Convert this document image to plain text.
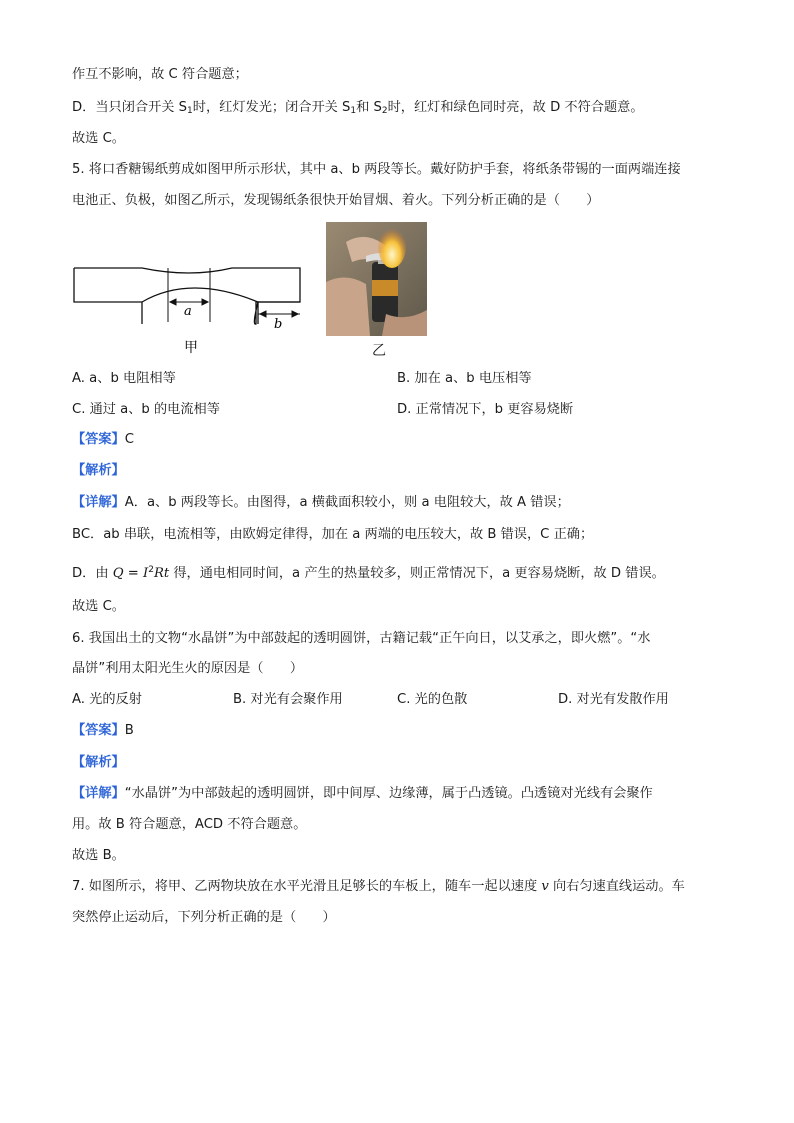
作互不影响，故 C 符合题意；
D．当只闭合开关 $S_1$时，红灯发光；闭合开关 $S_1$和 $S_2$时，红灯和绿色同时亮，故 D 不符合题意。
故选 C。
5. 将口香糖锡纸剪成如图甲所示形状，其中 a、b 两段等长。戴好防护手套，将纸条带锡的一面两端连接
电池正、负极，如图乙所示，发现锡纸条很快开始冒烟、着火。下列分析正确的是（　　）
a
b
甲	乙
A. a、b 电阻相等	B. 加在 a、b 电压相等
C. 通过 a、b 的电流相等	D. 正常情况下，b 更容易烧断
【答案】C
【解析】
【详解】A．a、b 两段等长。由图得，a 横截面积较小，则 a 电阻较大，故 A 错误；
BC．ab 串联，电流相等，由欧姆定律得，加在 a 两端的电压较大，故 B 错误，C 正确；
D．由 $Q = I^2Rt$ 得，通电相同时间，a 产生的热量较多，则正常情况下，a 更容易烧断，故 D 错误。
故选 C。
6. 我国出土的文物“水晶饼”为中部鼓起的透明圆饼，古籍记载“正午向日，以艾承之，即火燃”。“水
晶饼”利用太阳光生火的原因是（　　）
A. 光的反射	B. 对光有会聚作用	C. 光的色散	D. 对光有发散作用
【答案】B
【解析】
【详解】“水晶饼”为中部鼓起的透明圆饼，即中间厚、边缘薄，属于凸透镜。凸透镜对光线有会聚作
用。故 B 符合题意，ACD 不符合题意。
故选 B。
7. 如图所示，将甲、乙两物块放在水平光滑且足够长的车板上，随车一起以速度 v 向右匀速直线运动。车
突然停止运动后，下列分析正确的是（　　）
